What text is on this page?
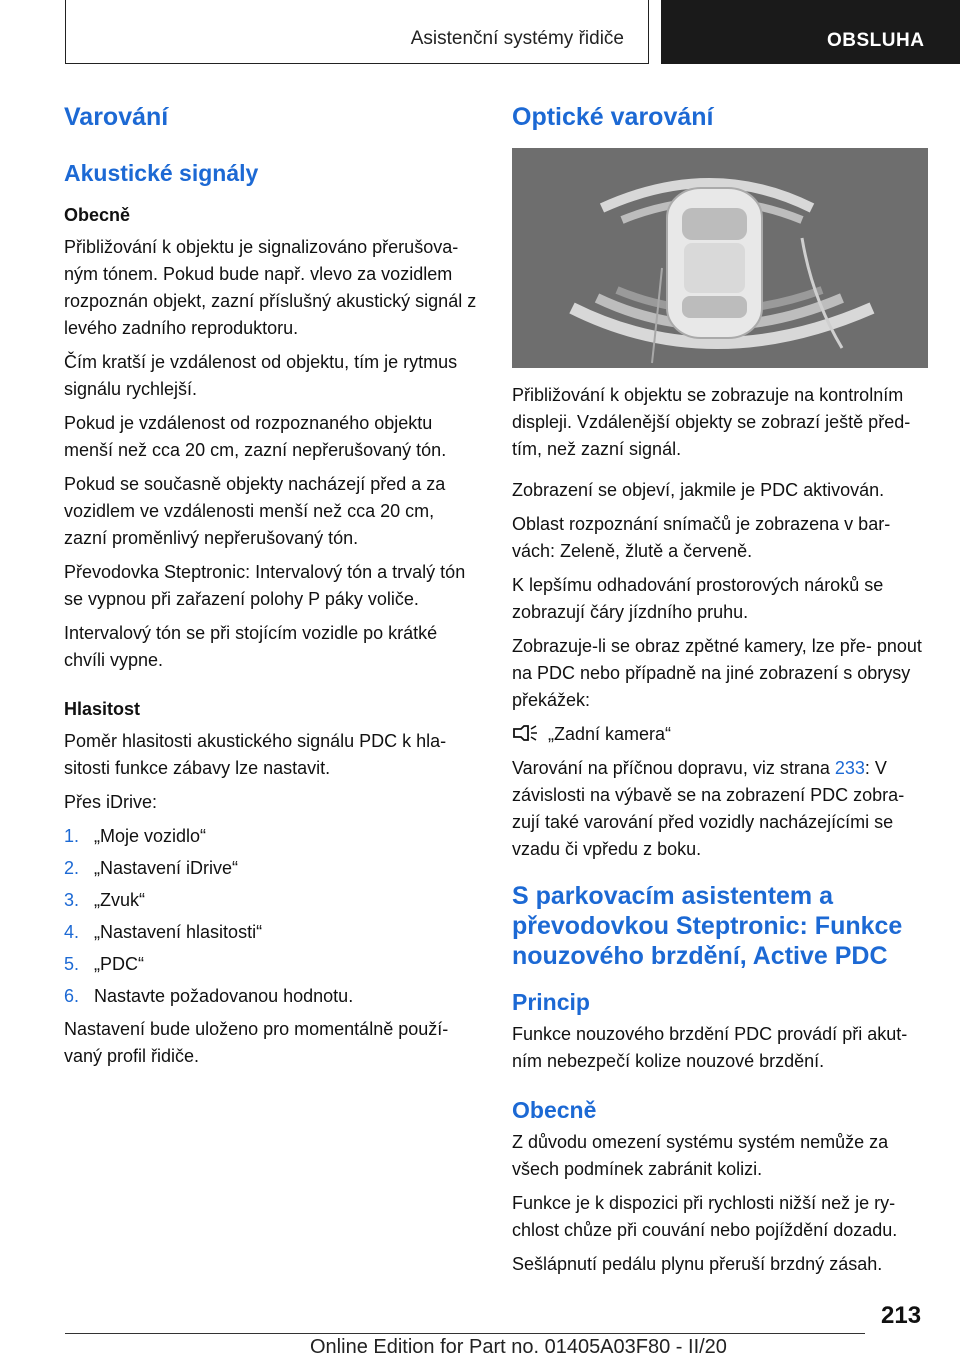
Asistenční systémy řidiče	OBSLUHA
Varování
Akustické signály
Obecně

Přibližování k objektu je signalizováno přerušova‐ ným tónem. Pokud bude např. vlevo za vozidlem rozpoznán objekt, zazní příslušný akustický signál z levého zadního reproduktoru.

Čím kratší je vzdálenost od objektu, tím je rytmus signálu rychlejší.

Pokud je vzdálenost od rozpoznaného objektu menší než cca 20 cm, zazní nepřerušovaný tón.

Pokud se současně objekty nacházejí před a za vozidlem ve vzdálenosti menší než cca 20 cm, zazní proměnlivý nepřerušovaný tón.

Převodovka Steptronic: Intervalový tón a trvalý tón se vypnou při zařazení polohy P páky voliče.

Intervalový tón se při stojícím vozidle po krátké chvíli vypne.

Hlasitost

Poměr hlasitosti akustického signálu PDC k hla‐ sitosti funkce zábavy lze nastavit.

Přes iDrive:

1. „Moje vozidlo“
2. „Nastavení iDrive“
3. „Zvuk“
4. „Nastavení hlasitosti“
5. „PDC“
6. Nastavte požadovanou hodnotu.

Nastavení bude uloženo pro momentálně použí‐ vaný profil řidiče.

Optické varování

Přibližování k objektu se zobrazuje na kontrolním displeji. Vzdálenější objekty se zobrazí ještě před‐ tím, než zazní signál.

Zobrazení se objeví, jakmile je PDC aktivován.

Oblast rozpoznání snímačů je zobrazena v bar‐ vách: Zeleně, žlutě a červeně.

K lepšímu odhadování prostorových nároků se zobrazují čáry jízdního pruhu.

Zobrazuje-li se obraz zpětné kamery, lze pře‐ pnout na PDC nebo případně na jiné zobrazení s obrysy překážek:

„Zadní kamera“

Varování na příčnou dopravu, viz strana 233: V závislosti na výbavě se na zobrazení PDC zobra‐ zují také varování před vozidly nacházejícími se vzadu či vpředu z boku.

S parkovacím asistentem a převodovkou Steptronic: Funkce nouzového brzdění, Active PDC
Princip

Funkce nouzového brzdění PDC provádí při akut‐ ním nebezpečí kolize nouzové brzdění.

Obecně

Z důvodu omezení systému systém nemůže za všech podmínek zabránit kolizi.

Funkce je k dispozici při rychlosti nižší než je ry‐ chlost chůze při couvání nebo pojíždění dozadu.

Sešlápnutí pedálu plynu přeruší brzdný zásah.

213
Online Edition for Part no. 01405A03F80 - II/20
